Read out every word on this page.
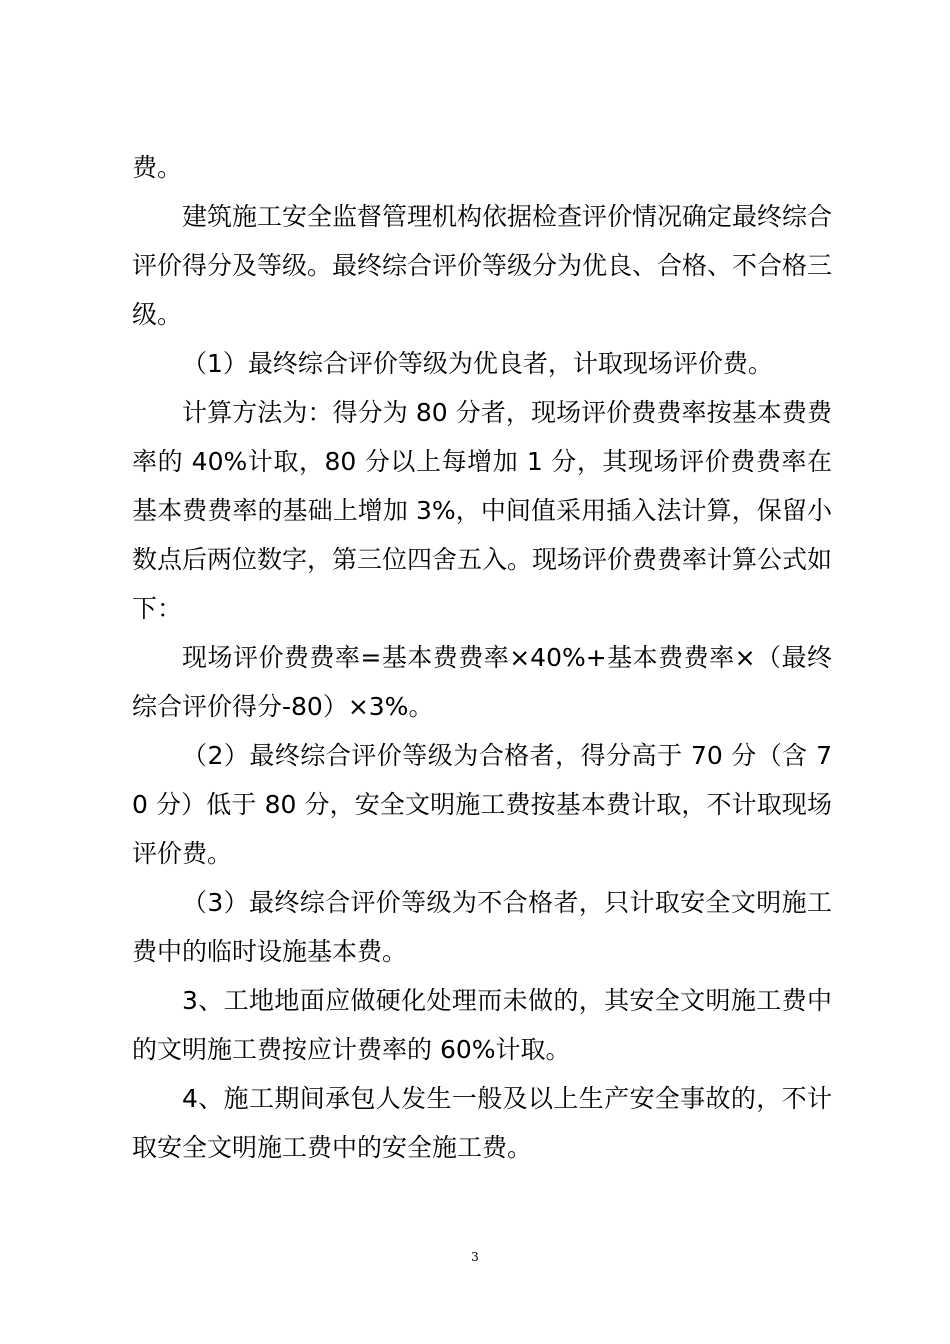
费。

建筑施工安全监督管理机构依据检查评价情况确定最终综合评价得分及等级。最终综合评价等级分为优良、合格、不合格三级。

（1）最终综合评价等级为优良者，计取现场评价费。

计算方法为：得分为 80 分者，现场评价费费率按基本费费率的 40%计取，80 分以上每增加 1 分，其现场评价费费率在基本费费率的基础上增加 3%，中间值采用插入法计算，保留小数点后两位数字，第三位四舍五入。现场评价费费率计算公式如下：

现场评价费费率=基本费费率×40%+基本费费率×（最终综合评价得分-80）×3%。

（2）最终综合评价等级为合格者，得分高于 70 分（含 70 分）低于 80 分，安全文明施工费按基本费计取，不计取现场评价费。

（3）最终综合评价等级为不合格者，只计取安全文明施工费中的临时设施基本费。

3、工地地面应做硬化处理而未做的，其安全文明施工费中的文明施工费按应计费率的 60%计取。

4、施工期间承包人发生一般及以上生产安全事故的，不计取安全文明施工费中的安全施工费。

3
